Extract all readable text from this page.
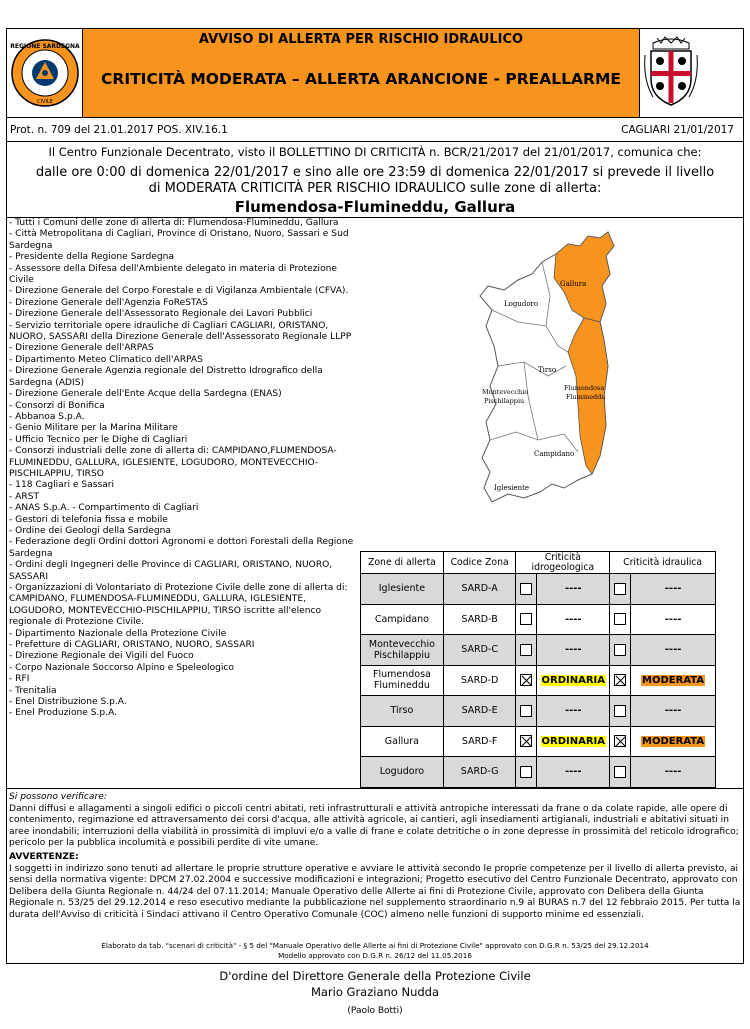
REGIONE SARDEGNA
CIVILE
AVVISO DI ALLERTA PER RISCHIO IDRAULICO
CRITICITÀ MODERATA – ALLERTA ARANCIONE - PREALLARME
Prot. n. 709 del 21.01.2017 POS. XIV.16.1	CAGLIARI 21/01/2017
Il Centro Funzionale Decentrato, visto il BOLLETTINO DI CRITICITÀ n. BCR/21/2017 del 21/01/2017, comunica che:
dalle ore 0:00 di domenica 22/01/2017 e sino alle ore 23:59 di domenica 22/01/2017 si prevede il livello
di MODERATA CRITICITÀ PER RISCHIO IDRAULICO sulle zone di allerta:
Flumendosa-Flumineddu, Gallura
- Tutti i Comuni delle zone di allerta di: Flumendosa-Flumineddu, Gallura
- Città Metropolitana di Cagliari, Province di Oristano, Nuoro, Sassari e Sud Sardegna
- Presidente della Regione Sardegna
- Assessore della Difesa dell'Ambiente delegato in materia di Protezione Civile
- Direzione Generale del Corpo Forestale e di Vigilanza Ambientale (CFVA).
- Direzione Generale dell'Agenzia FoReSTAS
- Direzione Generale dell'Assessorato Regionale dei Lavori Pubblici
- Servizio territoriale opere idrauliche di Cagliari CAGLIARI, ORISTANO, NUORO, SASSARI della Direzione Generale dell'Assessorato Regionale LLPP
- Direzione Generale dell'ARPAS
- Dipartimento Meteo Climatico dell'ARPAS
- Direzione Generale Agenzia regionale del Distretto Idrografico della Sardegna (ADIS)
- Direzione Generale dell'Ente Acque della Sardegna (ENAS)
- Consorzi di Bonifica
- Abbanoa S.p.A.
- Genio Militare per la Marina Militare
- Ufficio Tecnico per le Dighe di Cagliari
- Consorzi industriali delle zone di allerta di: CAMPIDANO,FLUMENDOSA-FLUMINEDDU, GALLURA, IGLESIENTE, LOGUDORO, MONTEVECCHIO-PISCHILAPPIU, TIRSO
- 118 Cagliari e Sassari
- ARST
- ANAS S.p.A. - Compartimento di Cagliari
- Gestori di telefonia fissa e mobile
- Ordine dei Geologi della Sardegna
- Federazione degli Ordini dottori Agronomi e dottori Forestali della Regione Sardegna
- Ordini degli Ingegneri delle Province di CAGLIARI, ORISTANO, NUORO, SASSARI
- Organizzazioni di Volontariato di Protezione Civile delle zone di allerta di: CAMPIDANO, FLUMENDOSA-FLUMINEDDU, GALLURA, IGLESIENTE, LOGUDORO, MONTEVECCHIO-PISCHILAPPIU, TIRSO iscritte all'elenco regionale di Protezione Civile.
- Dipartimento Nazionale della Protezione Civile
- Prefetture di CAGLIARI, ORISTANO, NUORO, SASSARI
- Direzione Regionale dei Vigili del Fuoco
- Corpo Nazionale Soccorso Alpino e Speleologico
- RFI
- Trenitalia
- Enel Distribuzione S.p.A.
- Enel Produzione S.p.A.
Gallura
Logudoro
Tirso
Montevecchio
Pischilappiu
Flumendosa
Flumineddu
Campidano
Iglesiente
Zone di allerta	Codice Zona	Criticità idrogeologica		Criticità idraulica	
Iglesiente	SARD-A		----		----
Campidano	SARD-B		----		----
Montevecchio Pischilappiu	SARD-C		----		----
Flumendosa Flumineddu	SARD-D		ORDINARIA		MODERATA
Tirso	SARD-E		----		----
Gallura	SARD-F		ORDINARIA		MODERATA
Logudoro	SARD-G		----		----
Si possono verificare:
Danni diffusi e allagamenti a singoli edifici o piccoli centri abitati, reti infrastrutturali e attività antropiche interessati da frane o da colate rapide, alle opere di contenimento, regimazione ed attraversamento dei corsi d'acqua, alle attività agricole, ai cantieri, agli insediamenti artigianali, industriali e abitativi situati in aree inondabili; interruzioni della viabilità in prossimità di impluvi e/o a valle di frane e colate detritiche o in zone depresse in prossimità del reticolo idrografico; pericolo per la pubblica incolumità e possibili perdite di vite umane.
AVVERTENZE:
I soggetti in indirizzo sono tenuti ad allertare le proprie strutture operative e avviare le attività secondo le proprie competenze per il livello di allerta previsto, ai sensi della normativa vigente: DPCM 27.02.2004 e successive modificazioni e integrazioni; Progetto esecutivo del Centro Funzionale Decentrato, approvato con Delibera della Giunta Regionale n. 44/24 del 07.11.2014; Manuale Operativo delle Allerte ai fini di Protezione Civile, approvato con Delibera della Giunta Regionale n. 53/25 del 29.12.2014 e reso esecutivo mediante la pubblicazione nel supplemento straordinario n.9 al BURAS n.7 del 12 febbraio 2015. Per tutta la durata dell'Avviso di criticità i Sindaci attivano il Centro Operativo Comunale (COC) almeno nelle funzioni di supporto minime ed essenziali.
Elaborato da tab. "scenari di criticità" - § 5 del "Manuale Operativo delle Allerte ai fini di Protezione Civile" approvato con D.G.R n. 53/25 del 29.12.2014
Modello approvato con D.G.R n. 26/12 del 11.05.2016
D'ordine del Direttore Generale della Protezione Civile
Mario Graziano Nudda
(Paolo Botti)
